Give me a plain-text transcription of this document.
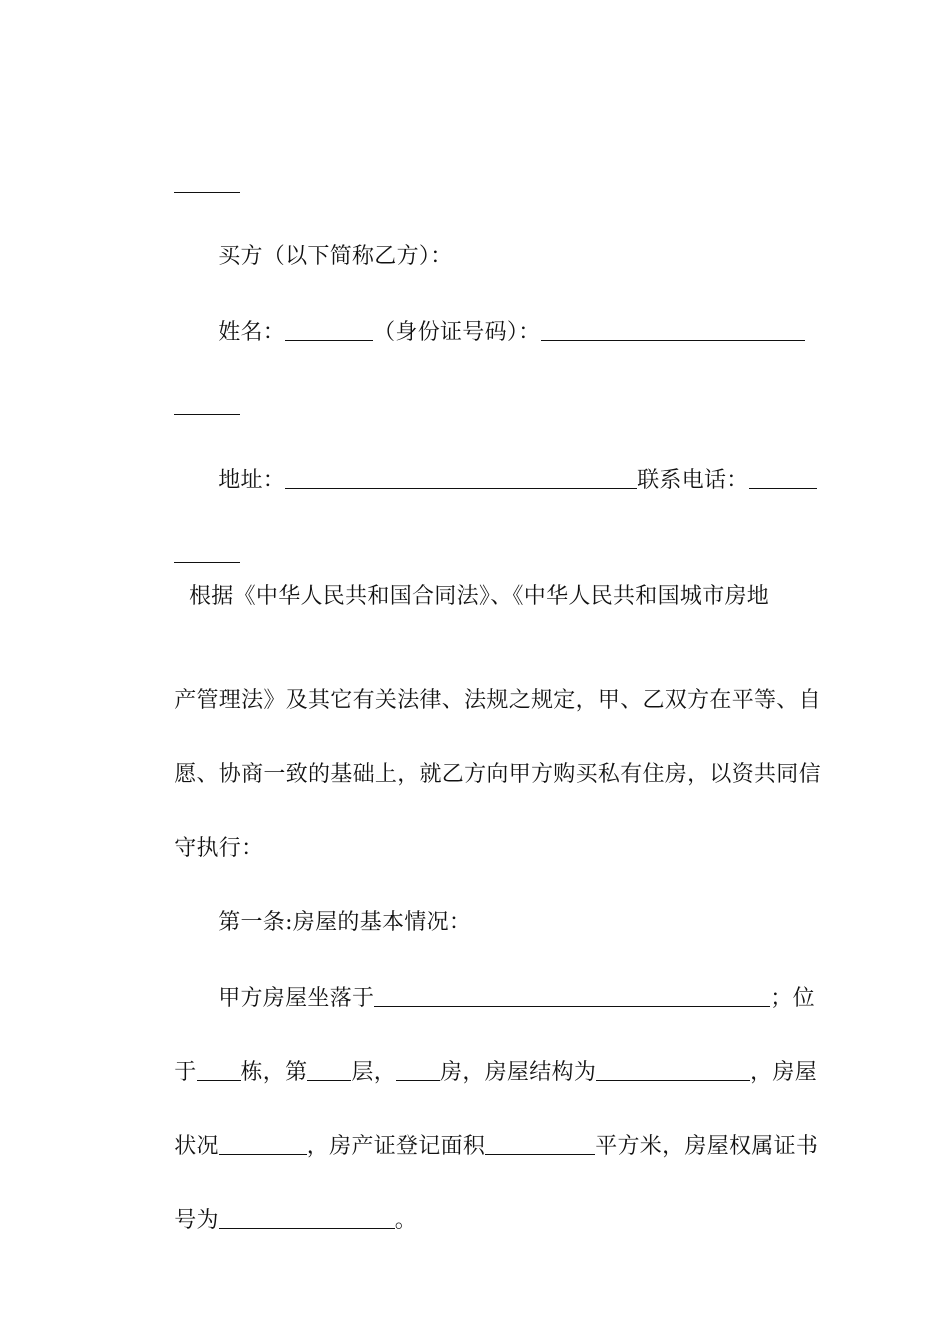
买方（以下简称乙方）：

姓名：	（身份证号码）：

地址：	联系电话：

根据《中华人民共和国合同法》、《中华人民共和国城市房地

产管理法》及其它有关法律、法规之规定，甲、乙双方在平等、自

愿、协商一致的基础上，就乙方向甲方购买私有住房，以资共同信

守执行：

第一条:房屋的基本情况：

甲方房屋坐落于	；位

于 栋，第 层， 房，房屋结构为	，房屋

状况	，房产证登记面积	平方米，房屋权属证书

号为	。
